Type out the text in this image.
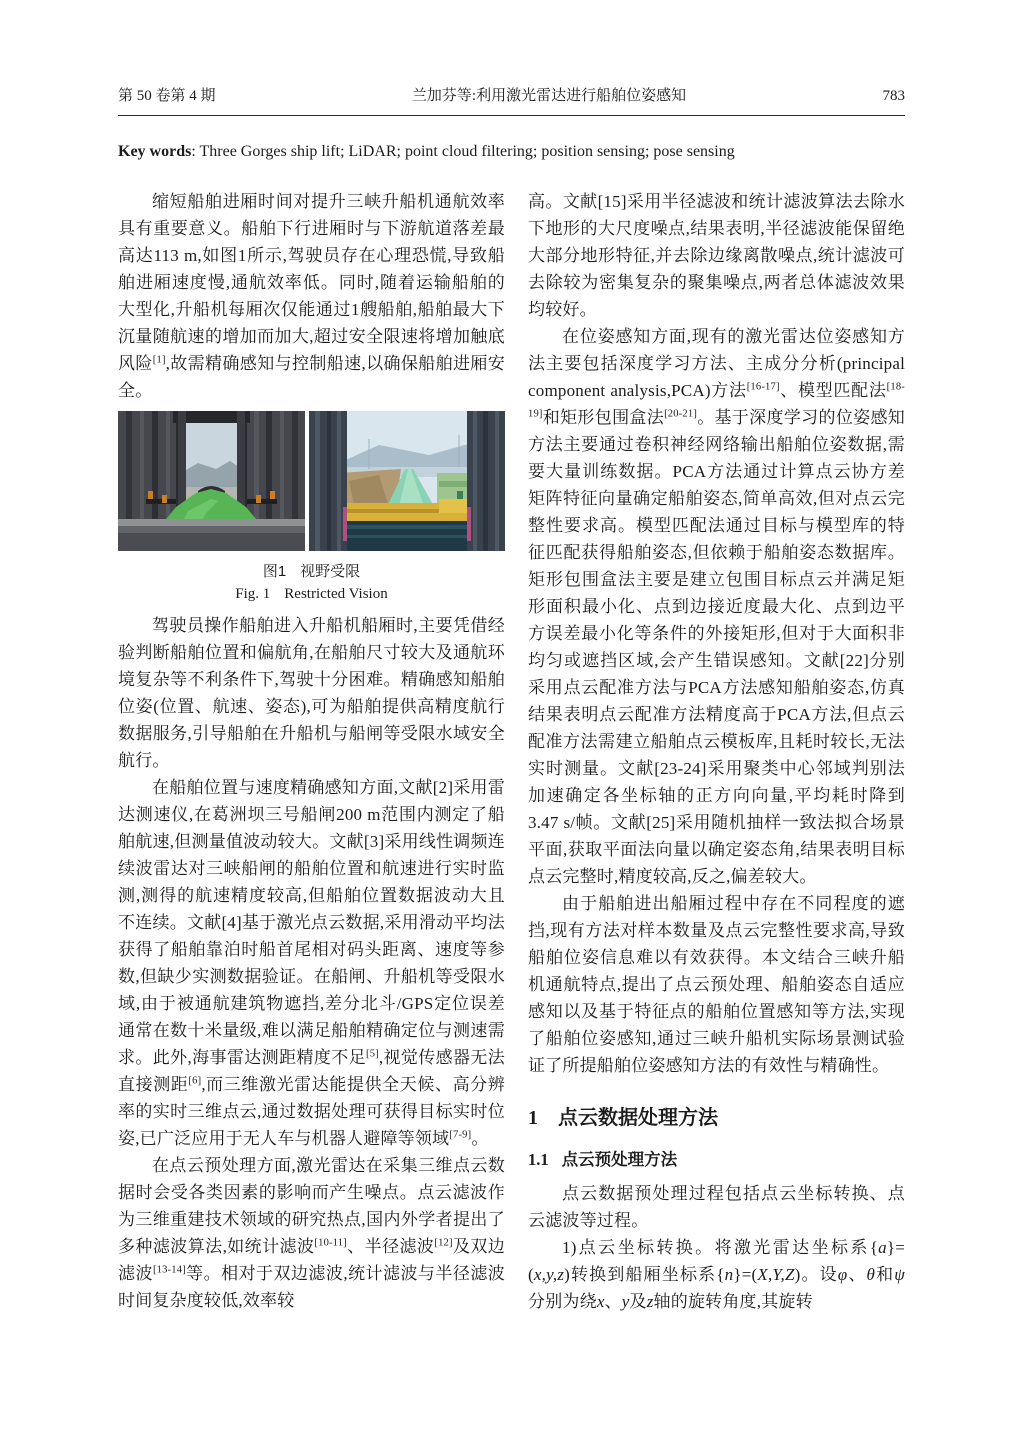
第 50 卷第 4 期	兰加芬等:利用激光雷达进行船舶位姿感知	783
Key words: Three Gorges ship lift; LiDAR; point cloud filtering; position sensing; pose sensing

缩短船舶进厢时间对提升三峡升船机通航效率具有重要意义。船舶下行进厢时与下游航道落差最高达113 m,如图1所示,驾驶员存在心理恐慌,导致船舶进厢速度慢,通航效率低。同时,随着运输船舶的大型化,升船机每厢次仅能通过1艘船舶,船舶最大下沉量随航速的增加而加大,超过安全限速将增加触底风险[1],故需精确感知与控制船速,以确保船舶进厢安全。

图1 视野受限
Fig. 1 Restricted Vision

驾驶员操作船舶进入升船机船厢时,主要凭借经验判断船舶位置和偏航角,在船舶尺寸较大及通航环境复杂等不利条件下,驾驶十分困难。精确感知船舶位姿(位置、航速、姿态),可为船舶提供高精度航行数据服务,引导船舶在升船机与船闸等受限水域安全航行。

在船舶位置与速度精确感知方面,文献[2]采用雷达测速仪,在葛洲坝三号船闸200 m范围内测定了船舶航速,但测量值波动较大。文献[3]采用线性调频连续波雷达对三峡船闸的船舶位置和航速进行实时监测,测得的航速精度较高,但船舶位置数据波动大且不连续。文献[4]基于激光点云数据,采用滑动平均法获得了船舶靠泊时船首尾相对码头距离、速度等参数,但缺少实测数据验证。在船闸、升船机等受限水域,由于被通航建筑物遮挡,差分北斗/GPS定位误差通常在数十米量级,难以满足船舶精确定位与测速需求。此外,海事雷达测距精度不足[5],视觉传感器无法直接测距[6],而三维激光雷达能提供全天候、高分辨率的实时三维点云,通过数据处理可获得目标实时位姿,已广泛应用于无人车与机器人避障等领域[7-9]。

在点云预处理方面,激光雷达在采集三维点云数据时会受各类因素的影响而产生噪点。点云滤波作为三维重建技术领域的研究热点,国内外学者提出了多种滤波算法,如统计滤波[10-11]、半径滤波[12]及双边滤波[13-14]等。相对于双边滤波,统计滤波与半径滤波时间复杂度较低,效率较

高。文献[15]采用半径滤波和统计滤波算法去除水下地形的大尺度噪点,结果表明,半径滤波能保留绝大部分地形特征,并去除边缘离散噪点,统计滤波可去除较为密集复杂的聚集噪点,两者总体滤波效果均较好。

在位姿感知方面,现有的激光雷达位姿感知方法主要包括深度学习方法、主成分分析(principal component analysis,PCA)方法[16-17]、模型匹配法[18-19]和矩形包围盒法[20-21]。基于深度学习的位姿感知方法主要通过卷积神经网络输出船舶位姿数据,需要大量训练数据。PCA方法通过计算点云协方差矩阵特征向量确定船舶姿态,简单高效,但对点云完整性要求高。模型匹配法通过目标与模型库的特征匹配获得船舶姿态,但依赖于船舶姿态数据库。矩形包围盒法主要是建立包围目标点云并满足矩形面积最小化、点到边接近度最大化、点到边平方误差最小化等条件的外接矩形,但对于大面积非均匀或遮挡区域,会产生错误感知。文献[22]分别采用点云配准方法与PCA方法感知船舶姿态,仿真结果表明点云配准方法精度高于PCA方法,但点云配准方法需建立船舶点云模板库,且耗时较长,无法实时测量。文献[23-24]采用聚类中心邻域判别法加速确定各坐标轴的正方向向量,平均耗时降到3.47 s/帧。文献[25]采用随机抽样一致法拟合场景平面,获取平面法向量以确定姿态角,结果表明目标点云完整时,精度较高,反之,偏差较大。

由于船舶进出船厢过程中存在不同程度的遮挡,现有方法对样本数量及点云完整性要求高,导致船舶位姿信息难以有效获得。本文结合三峡升船机通航特点,提出了点云预处理、船舶姿态自适应感知以及基于特征点的船舶位置感知等方法,实现了船舶位姿感知,通过三峡升船机实际场景测试验证了所提船舶位姿感知方法的有效性与精确性。

1 点云数据处理方法
1.1 点云预处理方法

点云数据预处理过程包括点云坐标转换、点云滤波等过程。

1)点云坐标转换。将激光雷达坐标系{a}=(x,y,z)转换到船厢坐标系{n}=(X,Y,Z)。设φ、θ和ψ分别为绕x、y及z轴的旋转角度,其旋转
